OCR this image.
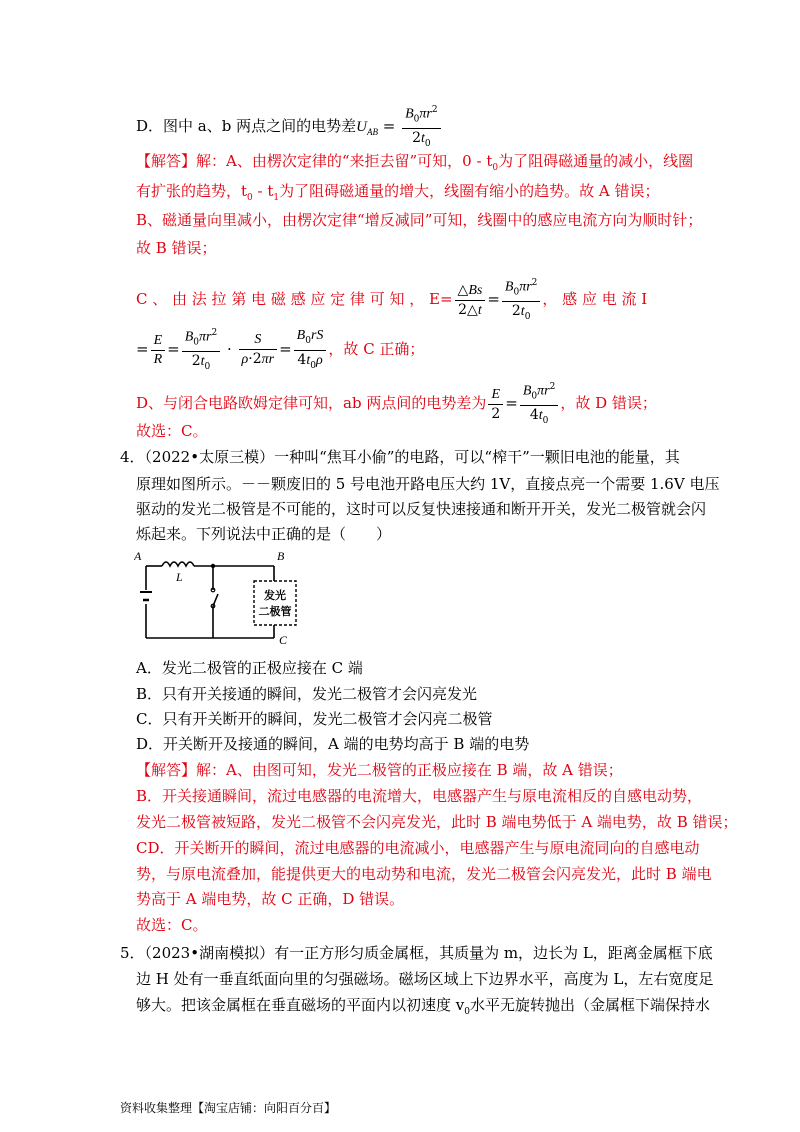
D．图中 a、b 两点之间的电势差$U_{AB} = \frac{B_0\pi r^2}{2t_0}$
【解答】解：A、由楞次定律的“来拒去留”可知，$0 - t_0$为了阻碍磁通量的减小，线圈
有扩张的趋势，$t_0 - t_1$为了阻碍磁通量的增大，线圈有缩小的趋势。故 A 错误；
B、磁通量向里减小，由楞次定律“增反减同”可知，线圈中的感应电流方向为顺时针；
故 B 错误；
C 、 由 法 拉 第 电 磁 感 应 定 律 可 知 ， $E= \frac{\triangle Bs}{2\triangle t} = \frac{B_0\pi r^2}{2t_0}$ ， 感 应 电 流 I
= $\frac{E}{R} = \frac{B_0\pi r^2}{2t_0} \cdot \frac{S}{\rho\cdot 2\pi r} = \frac{B_0rS}{4t_0\rho}$ ，故 C 正确；
D、与闭合电路欧姆定律可知，ab 两点间的电势差为 $\frac{E}{2} = \frac{B_0\pi r^2}{4t_0}$ ，故 D 错误；
故选：C。
4．（2022•太原三模）一种叫“焦耳小偷”的电路，可以“榨干”一颗旧电池的能量，其
原理如图所示。－－颗废旧的 5 号电池开路电压大约 1V，直接点亮一个需要 1.6V 电压
驱动的发光二极管是不可能的，这时可以反复快速接通和断开开关，发光二极管就会闪
烁起来。下列说法中正确的是（　　）
A	B
C
L
发光
二极管
A．发光二极管的正极应接在 C 端
B．只有开关接通的瞬间，发光二极管才会闪亮发光
C．只有开关断开的瞬间，发光二极管才会闪亮二极管
D．开关断开及接通的瞬间，A 端的电势均高于 B 端的电势
【解答】解：A、由图可知，发光二极管的正极应接在 B 端，故 A 错误；
B．开关接通瞬间，流过电感器的电流增大，电感器产生与原电流相反的自感电动势，
发光二极管被短路，发光二极管不会闪亮发光，此时 B 端电势低于 A 端电势，故 B 错误；
CD．开关断开的瞬间，流过电感器的电流减小，电感器产生与原电流同向的自感电动
势，与原电流叠加，能提供更大的电动势和电流，发光二极管会闪亮发光，此时 B 端电
势高于 A 端电势，故 C 正确，D 错误。
故选：C。
5．（2023•湖南模拟）有一正方形匀质金属框，其质量为 m，边长为 L，距离金属框下底
边 H 处有一垂直纸面向里的匀强磁场。磁场区域上下边界水平，高度为 L，左右宽度足
够大。把该金属框在垂直磁场的平面内以初速度 $v_0$水平无旋转抛出（金属框下端保持水
资料收集整理【淘宝店铺：向阳百分百】
